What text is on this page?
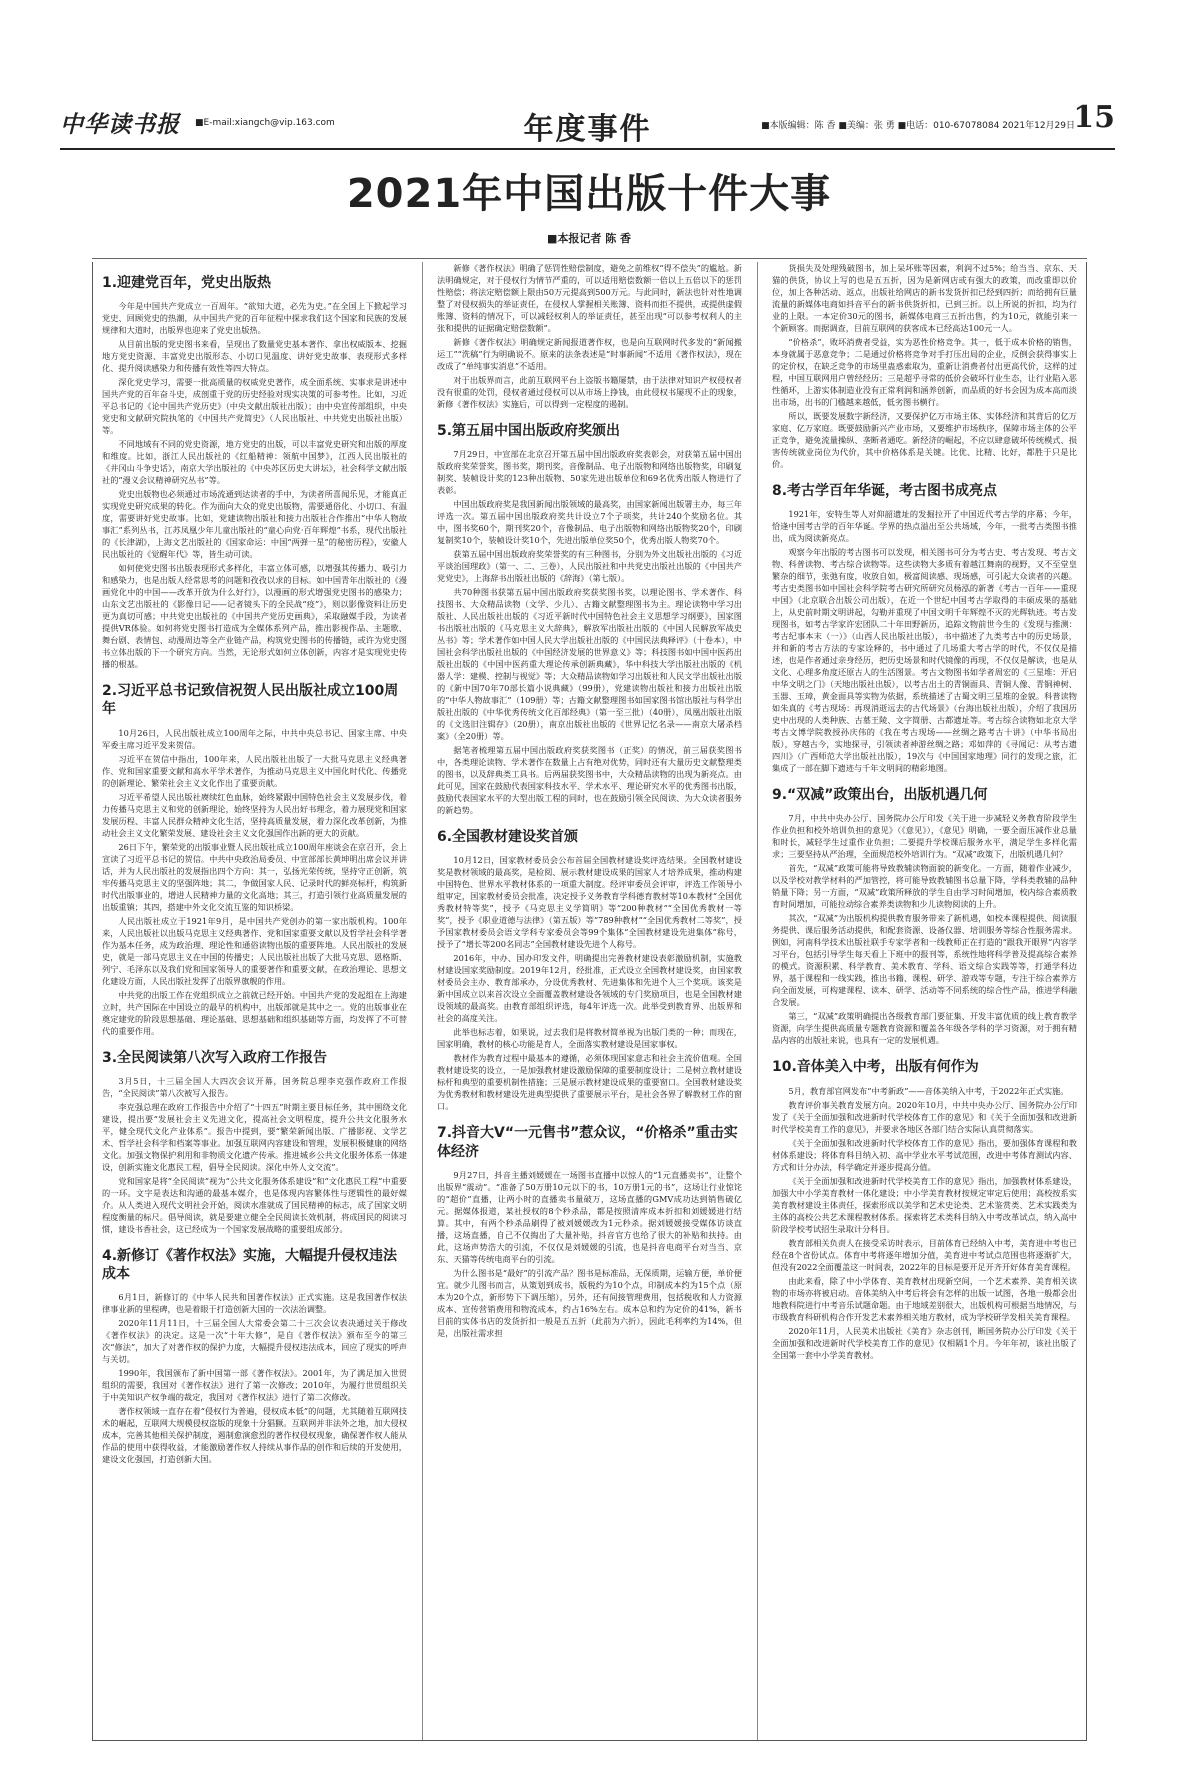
中华读书报 ■E-mail:xiangch@vip.163.com	年度事件	■本版编辑：陈 香 ■美编：张 勇 ■电话：010-67078084 2021年12月29日
15
2021年中国出版十件大事
■本报记者 陈 香
1.迎建党百年，党史出版热

今年是中国共产党成立一百周年。“欲知大道，必先为史。”在全国上下掀起学习党史、回顾党史的热潮，从中国共产党的百年征程中探求我们这个国家和民族的发展规律和大道时，出版界也迎来了党史出版热。

从目前出版的党史图书来看，呈现出了数量党史基本著作、拿出权威版本、挖掘地方党史资源、丰富党史出版形态、小切口见温度、讲好党史故事、表现形式多样化、提升阅读感染力和传播有效性等四大特点。

深化党史学习，需要一批高质量的权威党史著作，成全面系统、实事求是讲述中国共产党的百年奋斗史，成剖重于党的历史经验对现实决策的可参考性。比如，习近平总书记的《论中国共产党历史》（中央文献出版社出版）；由中央宣传部组织，中央党史和文献研究院执笔的《中国共产党简史》（人民出版社、中共党史出版社出版）等。

不同地域有不同的党史资源，地方党史的出版，可以丰富党史研究和出版的厚度和维度。比如，浙江人民出版社的《红船精神：领航中国梦》，江西人民出版社的《井冈山斗争史话》，南京大学出版社的《中央苏区历史大讲坛》，社会科学文献出版社的“漫义会议精神研究丛书”等。

党史出版物也必须通过市场流通到达读者的手中，为读者所喜闻乐见，才能真正实现党史研究成果的转化。作为面向大众的党史出版物，需要通俗化、小切口、有温度，需要讲好党史故事。比如，党建读物出版社和接力出版社合作推出“中华人物故事汇”系列丛书，江苏凤凰少年儿童出版社的“童心向党·百年辉煌”书系，现代出版社的《长津湖》，上海文艺出版社的《国家命运：中国“两弹一星”的秘密历程》，安徽人民出版社的《觉醒年代》等，皆生动可读。

如何使党史图书出版表现形式多样化，丰富立体可感，以增强其传播力、吸引力和感染力，也是出版人经常思考的问题和孜孜以求的目标。如中国青年出版社的《漫画党化中的中国——改革开放为什么好行》，以漫画的形式增强党史图书的感染力；山东文艺出版社的《影像日记——记者镜头下的全民战“疫”》，则以影像资料让历史更为真切可感；中共党史出版社的《中国共产党历史画典》，采取融媒手段，为读者提供VR体验。如何将党史图书打造成为全媒体系列产品，推出影视作品、主题歌、舞台剧、表情包、动漫周边等全产业链产品，构筑党史图书的传播链，或许为党史图书立体出版的下一个研究方向。当然，无论形式如何立体创新，内容才是实现党史传播的根基。

2.习近平总书记致信祝贺人民出版社成立100周年

10月26日，人民出版社成立100周年之际，中共中央总书记、国家主席、中央军委主席习近平发来贺信。

习近平在贺信中指出，100年来，人民出版社出版了一大批马克思主义经典著作、党和国家重要文献和高水平学术著作，为推动马克思主义中国化时代化、传播党的创新理论、繁荣社会主义文化作出了重要贡献。

习近平希望人民出版社赓续红色血脉，始终紧跟中国特色社会主义发展步伐，着力传播马克思主义和党的创新理论，始终坚持为人民出好书理念，着力展现党和国家发展历程、丰富人民群众精神文化生活，坚持高质量发展，着力深化改革创新，为推动社会主义文化繁荣发展、建设社会主义文化强国作出新的更大的贡献。

26日下午，繁荣党的出版事业暨人民出版社成立100周年座谈会在京召开，会上宣读了习近平总书记的贺信。中共中央政治局委员、中宣部部长黄坤明出席会议并讲话，并为人民出版社的发展指出四个方向：其一，弘扬光荣传统，坚持守正创新，筑牢传播马克思主义的坚强阵地；其二，争做国家人民、记录时代的鲜亮标杆，构筑新时代出版事业的，增进人民精神力量的文化高地；其三，打造引领行业高质量发展的出版重镇；其四，搭建中外文化交流互鉴的知识桥梁。

人民出版社成立于1921年9月，是中国共产党创办的第一家出版机构。100年来，人民出版社以出版马克思主义经典著作、党和国家重要文献以及哲学社会科学著作为基本任务，成为政治理、理论性和通俗读物出版的重要阵地。人民出版社的发展史，就是一部马克思主义在中国的传播史；人民出版社出版了大批马克思、恩格斯、列宁、毛泽东以及我们党和国家领导人的重要著作和重要文献，在政治理论、思想文化建设方面，人民出版社发挥了出版界旗舰的作用。

中共党的出版工作在党组织成立之前就已经开始。中国共产党的发起组在上海建立时，共产国际在中国设立的最早的机构中，出版部就是其中之一。党的出版事业在奠定建党的阶段思想基础、理论基础、思想基础和组织基础等方面，均发挥了不可替代的重要作用。

3.全民阅读第八次写入政府工作报告

3月5日，十三届全国人大四次会议开幕，国务院总理李克强作政府工作报告，“全民阅读”第八次被写入报告。

李克强总理在政府工作报告中介绍了“十四五”时期主要目标任务，其中围绕文化建设，提出要“发展社会主义先进文化，提高社会文明程度，提升公共文化服务水平，健全现代文化产业体系”。报告中提到，要“繁荣新闻出版、广播影视、文学艺术、哲学社会科学和档案等事业。加强互联网内容建设和管理，发展积极健康的网络文化。加强文物保护利用和非物质文化遗产传承。推进城乡公共文化服务体系一体建设，创新实施文化惠民工程，倡导全民阅读。深化中外人文交流”。

党和国家是将“全民阅读”视为“公共文化服务体系建设”和“文化惠民工程”中重要的一环。文字是表达和沟通的最基本媒介，也是体现内容繁体性与逻辑性的最好媒介。从人类进入现代文明社会开始，阅读水准就成了国民精神的标志，成了国家文明程度衡量的标尺。倡导阅读，就是要建立健全全民阅读长效机制，将成国民的阅读习惯，建设书香社会，这已经成为一个国家发展战略的重要组成部分。

4.新修订《著作权法》实施，大幅提升侵权违法成本

6月1日，新修订的《中华人民共和国著作权法》正式实施。这是我国著作权法律事业新的里程碑，也是着眼于打造创新大国的一次法治调整。

2020年11月11日，十三届全国人大常委会第二十三次会议表决通过关于修改《著作权法》的决定。这是一次“十年大修”，是自《著作权法》颁布至今的第三次“修法”，加大了对著作权的保护力度，大幅提升侵权违法成本，回应了现实的呼声与关切。

1990年，我国颁布了新中国第一部《著作权法》。2001年，为了满足加入世贸组织的需要，我国对《著作权法》进行了第一次修改；2010年，为履行世贸组织关于中美知识产权争端的裁定，我国对《著作权法》进行了第二次修改。

著作权领域一直存在着“侵权行为普遍，侵权成本低”的问题，尤其随着互联网技术的崛起，互联网大规模侵权盗版的现象十分猖獗。互联网并非法外之地，加大侵权成本，完善其他相关保护制度，遏制愈演愈烈的著作权侵权现象，确保著作权人能从作品的使用中获得收益，才能激励著作权人持续从事作品的创作和后续的开发使用，建设文化强国，打造创新大国。

新修《著作权法》明确了惩罚性赔偿制度，避免之前维权“得不偿失”的尴尬。新法明确规定，对于侵权行为情节严重的，可以适用赔偿数额一倍以上五倍以下的惩罚性赔偿；将法定赔偿额上限由50万元提高到500万元。与此同时，新法也针对性地调整了对侵权损失的举证责任，在侵权人掌握相关账簿、资料而拒不提供，或提供虚假账簿、资料的情况下，可以减轻权利人的举证责任，甚至出现“可以参考权利人的主张和提供的证据确定赔偿数额”。

新修《著作权法》明确规定新闻报道著作权，也是向互联网时代多发的“新闻搬运工”“洗稿”行为明确说不。原来的法条表述是“时事新闻”不适用《著作权法》，现在改成了“单纯事实消息”不适用。

对于出版界而言，此前互联网平台上盗版书籍屡禁，由于法律对知识产权侵权者没有很重的处罚，侵权者通过侵权可以从市场上挣钱，由此侵权书屡现不止的现象，新修《著作权法》实施后，可以得到一定程度的遏制。

5.第五届中国出版政府奖颁出

7月29日，中宣部在北京召开第五届中国出版政府奖表彰会，对获第五届中国出版政府奖荣誉奖，图书奖，期刊奖，音像制品、电子出版物和网络出版物奖，印刷复制奖、装帧设计奖的123种出版物、50家先进出版单位和69名优秀出版人物进行了表彰。

中国出版政府奖是我国新闻出版领域的最高奖，由国家新闻出版署主办，每三年评选一次。第五届中国出版政府奖共计设立7个子项奖，共计240个奖励名位。其中，图书奖60个，期刊奖20个，音像制品、电子出版物和网络出版物奖20个，印刷复制奖10个，装帧设计奖10个，先进出版单位奖50个，优秀出版人物奖70个。

获第五届中国出版政府奖荣誉奖的有三种图书，分别为外文出版社出版的《习近平谈治国理政》（第一、二、三卷），人民出版社和中共党史出版社出版的《中国共产党党史》，上海辞书出版社出版的《辞海》（第七版）。

共70种图书获第五届中国出版政府奖获奖图书奖，以理论图书、学术著作、科技图书、大众精品读物（文学、少儿）、古籍文献整理图书为主。理论读物中学习出版社、人民出版社出版的《习近平新时代中国特色社会主义思想学习纲要》，国家图书出版社出版的《马克思主义大辞典》，解放军出版社出版的《中国人民解放军战史丛书》等；学术著作如中国人民大学出版社出版的《中国民法典释评》（十卷本），中国社会科学出版社出版的《中国经济发展的世界意义》等；科技图书如中国中医药出版社出版的《中国中医药重大理论传承创新典藏》，华中科技大学出版社出版的《机器人学：建模、控制与视觉》等；大众精品读物如学习出版社和人民文学出版社出版的《新中国70年70部长篇小说典藏》（99册），党建读物出版社和接力出版社出版的“中华人物故事汇”（109册）等；古籍文献整理图书如国家图书馆出版社与科学出版社出版的《中华优秀传统文化百部经典》（第一至三批）（40册），凤凰出版社出版的《文选旧注辑存》（20册），南京出版社出版的《世界记忆名录——南京大屠杀档案》（全20册）等。

据笔者梳理第五届中国出版政府奖获奖图书（正奖）的情况，前三届获奖图书中，各类理论读物、学术著作在数量上占有绝对优势，同时还有大量历史文献整理类的图书，以及辞典类工具书。后两届获奖图书中，大众精品读物的出现为新亮点。由此可见，国家在鼓励代表国家科技水平、学术水平、理论研究水平的优秀图书出版，鼓励代表国家水平的大型出版工程的同时，也在鼓励引领全民阅读、为大众读者服务的新趋势。

6.全国教材建设奖首颁

10月12日，国家教材委员会公布首届全国教材建设奖评选结果。全国教材建设奖是教材领域的最高奖，是检阅、展示教材建设成果的国家人才培养成果，推动构建中国特色、世界水平教材体系的一项重大制度。经评审委员会评审，评选工作领导小组审定，国家教材委员会批准，决定授予义务教育学科德育教材等10本教材“全国优秀教材特等奖”，授予《马克思主义学简明》等“200种教材”“全国优秀教材一等奖”，授予《职业道德与法律》（第五版）等”789种教材”“全国优秀教材二等奖”，授予国家教材委员会语文学科专家委员会等99个集体“全国教材建设先进集体”称号，授予了“增长等200名同志”全国教材建设先进个人称号。

2016年，中办、国办印发文件，明确提出完善教材建设表彰激励机制，实施教材建设国家奖励制度。2019年12月，经批准，正式设立全国教材建设奖，由国家教材委员会主办、教育部承办，分设优秀教材、先进集体和先进个人三个奖项。该奖是新中国成立以来首次设立全面覆盖教材建设各领域的专门奖励项目，也是全国教材建设领域的最高奖。由教育部组织评选，每4年评选一次。此举受到教育界、出版界和社会的高度关注。

此举也标志着，如果说，过去我们是将教材简单视为出版门类的一种；而现在，国家明确，教材的核心功能是育人，全面落实教材建设是国家事权。

教材作为教育过程中最基本的遵循，必须体现国家意志和社会主流价值观。全国教材建设奖的设立，一是加强教材建设激励保障的重要制度设计；二是树立教材建设标杆和典型的重要机制性措施；三是展示教材建设成果的重要窗口。全国教材建设奖为优秀教材和教材建设先进典型提供了重要展示平台，是社会各界了解教材工作的窗口。

7.抖音大V“一元售书”惹众议，“价格杀”重击实体经济

9月27日，抖音主播刘媛媛在一场图书直播中以惊人的“1元直播卖书”，让整个出版界“震动”。“准备了50万册10元以下的书，10万册1元的书”，这场让行业惊诧的“超价”直播，让两小时的直播卖书量破万，这场直播的GMV成功达到销售破亿元。据媒体报道，某社授权的8个秒杀品，都是按照清库成本折扣和刘媛媛进行结算。其中，有两个秒杀品刷得了被刘媛媛改为1元秒杀。据刘媛媛接受媒体访谈直播，这场直播，自己不仅掏出了大量补贴，抖音官方也给了很大的补贴和扶持。由此，这场声势浩大的引流，不仅仅是刘媛媛的引流，也是抖音电商平台对当当、京东、天猫等传统电商平台的引流。

为什么图书是“最好”的引流产品？图书是标准品，无保质期，运输方便，单价便宜。就少儿图书而言，从策划到成书，版税约为10个点，印制成本约为15个点（原本为20个点，新形势下下调压缩），另外，还有间接管理费用，包括税收和人力资源成本、宣传营销费用和物流成本，约占16%左右。成本总和约为定价的41%，新书目前的实体书店的发货折扣一般是五五折（此前为六折），因此毛利率约为14%，但是，出版社需求担

货损失及处理残破图书，加上呆坏账等因素，利润不过5%；给当当、京东、天猫的供货，协议上写的也是五五折，因为是新网店或有强大的政策，而改重即以价位，加上各种活动、返点，出版社给网店的新书发货折扣已经到四折；而给拥有巨量流量的新媒体电商如抖音平台的新书供货折扣，已到三折。以上所说的折扣，均为行业的上限。一本定价30元的图书，新媒体电商三五折出售，约为10元，就能引来一个新顾客。而据调查，目前互联网的获客成本已经高达100元一人。

“价格杀”，败坏消费者受益，实为恶性价格竞争。其一，低于成本价格的销售，本身就属于恶意竞争；二是通过价格将竞争对手打压出局的企业，反倒会获得事实上的定价权，在缺乏竞争的市场里蛊惑索取为，重新让消费者付出更高代价，这样的过程，中国互联网用户曾经经历；三是超乎寻常的低价会破坏行业生态，让行业陷入恶性循环，上游实体制造业没有正常利润和涵养创新，而品质的好书会因为成本高而淡出市场，出书的门槛越来越低，低劣图书横行。

所以，既要发展数字新经济，又要保护亿万市场主体、实体经济和其背后的亿万家庭、亿万家庭。既要鼓励新兴产业市场，又要维护市场秩序，保障市场主体的公平正竞争，避免流量操纵、垄断者通吃。新经济的崛起，不应以肆意破坏传统模式、损害传统就业岗位为代价，其中价格体系是关键。比优、比精、比好，都胜于只是比价。

8.考古学百年华诞，考古图书成亮点

1921年，安特生等人对仰韶遗址的发掘拉开了中国近代考古学的序幕；今年，恰逢中国考古学的百年华诞。学界的热点溢出至公共场域，今年，一批考古类图书推出，成为阅读新亮点。

观察今年出版的考古图书可以发现，相关图书可分为考古史、考古发现、考古文物、科普读物、考古综合读物等。这些读物大多质有着越江舞南的视野，又不至堂皇繁杂的细节，张弛有度，收放自如，极富阅读感、现场感，可引起大众读者的兴趣。考古史类图书如中国社会科学院考古研究所研究员杨泓的新著《考古一百年——重现中国》（北京联合出版公司出版），在近一个世纪中国考古学取得的丰硕成果的基础上，从史前时期文明讲起，勾勒并重现了中国文明千年辉煌不灭的光辉轨迹。考古发现图书，如考古学家许宏团队二十年田野新历，追踪文物前世今生的《发现与推测：考古纪事本末（一）》（山西人民出版社出版），书中描述了九类考古中的历史场景，并和新的考古方法的专家诠释的，书中通过了几场重大考古学的时代，不仅仅是描述，也是作者通过亲身经历，把历史场景和时代镜像的再现，不仅仅是解读，也是从文化、心理多角度还原古人的生活图景。考古文物图书如学者周宏的《三星堆：开启中华文明之门》（天地出版社出版），以考古出土的青铜面具、青铜人像、青铜神树、玉器、玉璋，黄金面具等实物为依据，系统描述了古蜀文明三星堆的金貌。科普读物如朱真的《考古现场：再现消逝远去的古代场景》（台海出版社出版），介绍了我国历史中出现的人类种族、古墓王陵、文字简册、古都遗址等。考古综合读物如北京大学考古文博学院教授孙庆伟的《我在考古现场——丝绸之路考古十讲》（中华书局出版），穿越古今，实地探寻，引领读者神游丝绸之路；邓如萍的《寻闻记：从考古遗四川》（广西师范大学出版社出版），19次与《中国国家地理》同行的发现之旅，汇集成了一部在脚下遗迹与千年文明间的精彩地图。

9.“双减”政策出台，出版机遇几何

7月，中共中央办公厅、国务院办公厅印发《关于进一步减轻义务教育阶段学生作业负担和校外培训负担的意见》（《意见》），《意见》明确，一要全面压减作业总量和时长，减轻学生过重作业负担；二要提升学校课后服务水平，满足学生多样化需求；三要坚持从严治理，全面规范校外培训行为。“双减”政策下，出版机遇几何？

首先，“双减”政策可能将导致教辅读物面貌的新变化。一方面，随着作业减少，以及学校对教学材料的严加管控，将可能导致教辅图书总量下降，学科类教辅的品种销量下降；另一方面，“双减”政策所释放的学生自由学习时间增加，校内综合素质教育时间增加，可能拉动综合素养类读物和少儿读物阅读的上升。

其次，“双减”为出版机构提供教育服务带来了新机遇，如校本课程提供、阅读服务提供、课后服务活动提供，和配套资源、设备仪器、培训服务等综合性服务需求。例如，河南科学技术出版社联手专家学者和一线教师正在打造的“跟我开眼界”内容学习平台，包括引导学生每天看上下班中的报刊等，系统性地将科学普及提高综合素养的模式。资源积累、科学教育、美术教育、学科、语文综合实践等等，打通学科边界，基于课程和一线实践，推出书籍、课程、研学、游戏等专题，专注于综合素养方向全面发展，可构建课程、读本、研学、活动等不同系统的综合性产品，推进学科融合发展。

第三，“双减”政策明确提出各级教育部门要征集、开发丰富优质的线上教育教学资源，向学生提供高质量专题教育资源和覆盖各年级各学科的学习资源，对于拥有精品内容的出版社来说，也具有一定的发展机遇。

10.音体美入中考，出版有何作为

5月，教育部官网发布“中考新政”——音体美纳入中考，于2022年正式实施。

教育评价事关教育发展方向。2020年10月，中共中央办公厅、国务院办公厅印发了《关于全面加强和改进新时代学校体育工作的意见》和《关于全面加强和改进新时代学校美育工作的意见》，并要求各地区各部门结合实际认真贯彻落实。

《关于全面加强和改进新时代学校体育工作的意见》指出，要加强体育课程和教材体系建设；将体育科目纳入初、高中学业水平考试范围，改进中考体育测试内容、方式和计分办法，科学确定并逐步提高分值。

《关于全面加强和改进新时代学校美育工作的意见》指出，加强教材体系建设，加强大中小学美育教材一体化建设；中小学美育教材按规定审定后使用；高校按系实美育教材建设主体责任，探索形成以美学和艺术史论类、艺术鉴赏类、艺术实践类为主体的高校公共艺术课程教材体系。探索将艺术类科目纳入中考改革试点，纳入高中阶段学校考试招生录取计分科目。

教育部相关负责人在接受采访时表示，目前体育已经纳入中考，美育进中考也已经在8个省份试点。体育中考将逐年增加分值，美育进中考试点范围也将逐渐扩大，但没有2022全面覆盖这一时间表，2022年的目标是要开足开齐开好体育美育课程。

由此来看，除了中小学体育、美育教材出现新空间，一个艺术素养、美育相关读物的市场亦将被启动。音体美纳入中考后将会有怎样的出版一试图，各地一般都会出地教科院进行中考音乐试题命题。由于地域差别很大，出版机构可根据当地情况，与市级教育科研机构合作开发艺术素养相关地方教材，成为学校研学发相关美育课程。

2020年11月，人民美术出版社《美育》杂志创刊，断国务院办公厅印发《关于全面加强和改进新时代学校美育工作的意见》仅相隔1个月。今年年初，该社出版了全国第一套中小学美育教材。
